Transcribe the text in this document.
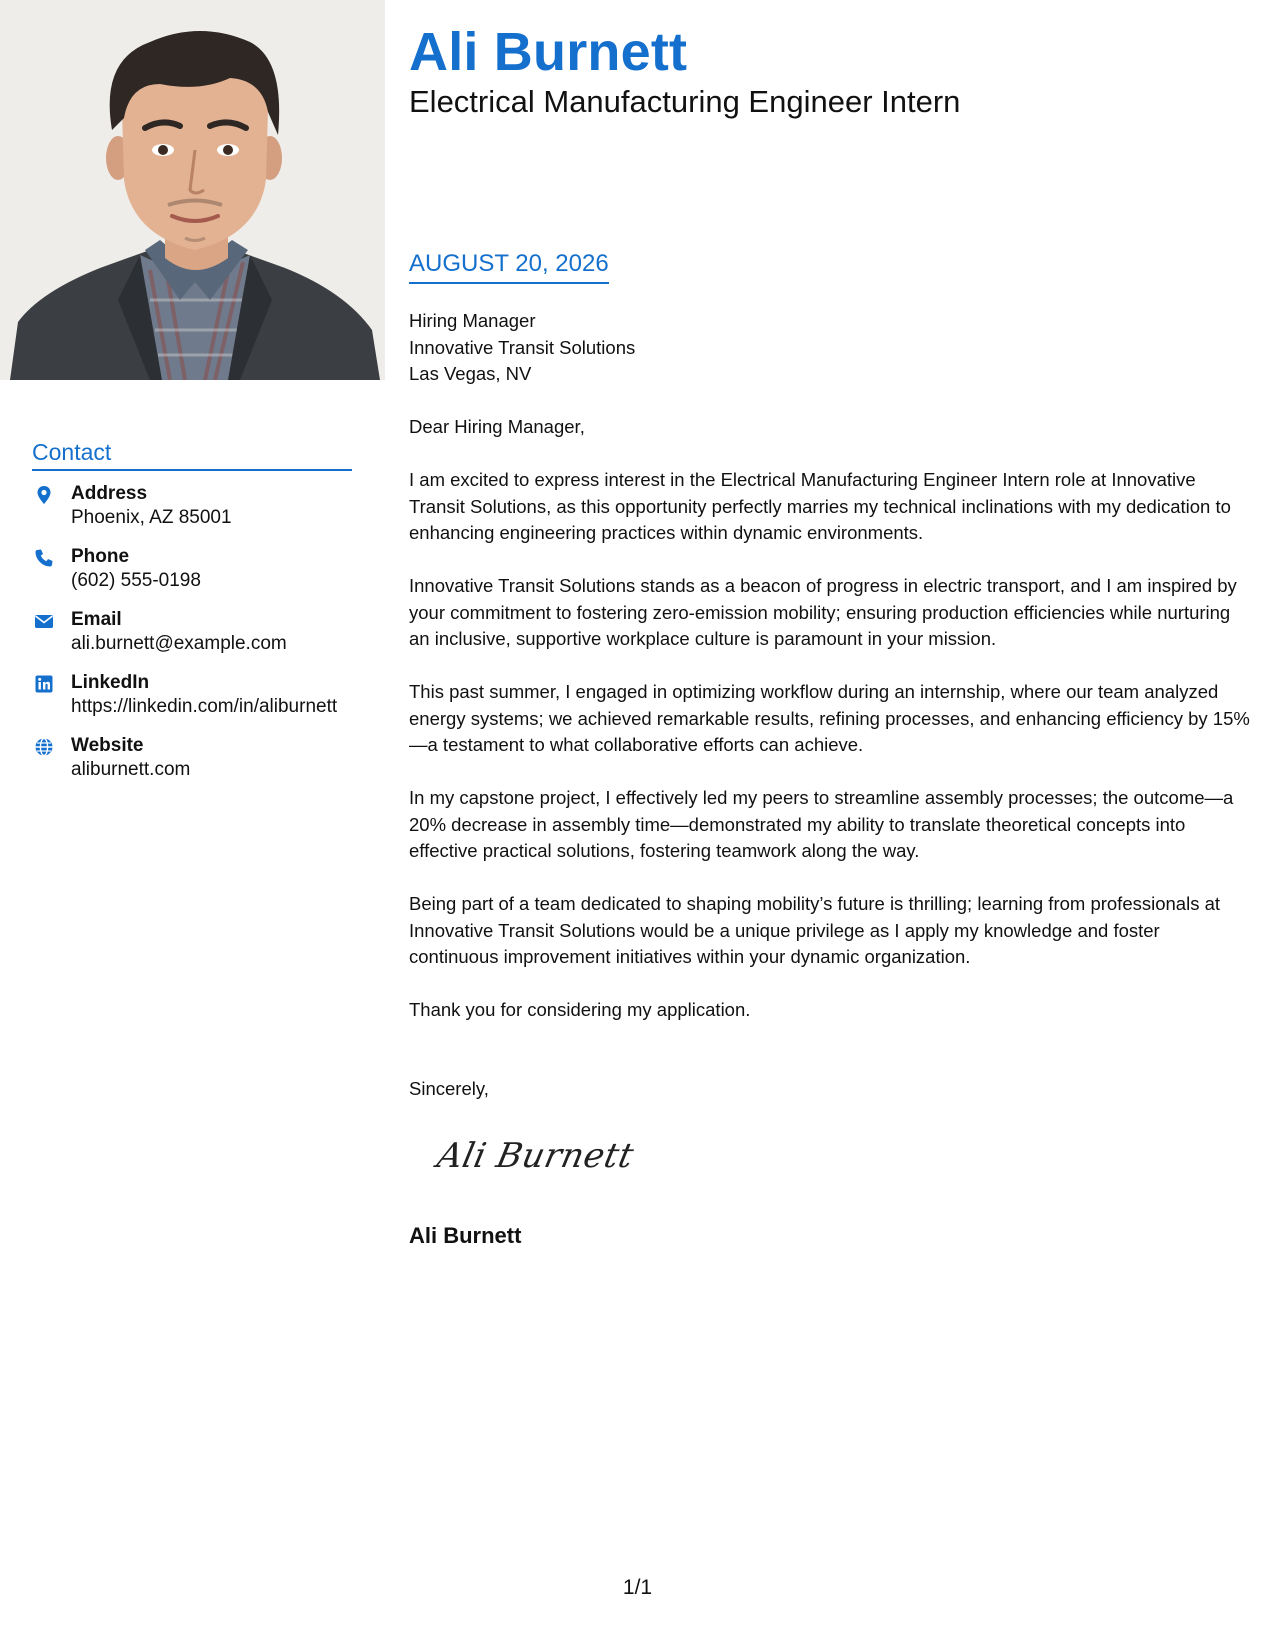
Ali Burnett
Electrical Manufacturing Engineer Intern
Contact
Address
Phoenix, AZ 85001
Phone
(602) 555-0198
Email
ali.burnett@example.com
LinkedIn
https://linkedin.com/in/aliburnett
Website
aliburnett.com
AUGUST 20, 2026
Hiring Manager
Innovative Transit Solutions
Las Vegas, NV

Dear Hiring Manager,

I am excited to express interest in the Electrical Manufacturing Engineer Intern role at Innovative Transit Solutions, as this opportunity perfectly marries my technical inclinations with my dedication to enhancing engineering practices within dynamic environments.

Innovative Transit Solutions stands as a beacon of progress in electric transport, and I am inspired by your commitment to fostering zero-emission mobility; ensuring production efficiencies while nurturing an inclusive, supportive workplace culture is paramount in your mission.

This past summer, I engaged in optimizing workflow during an internship, where our team analyzed energy systems; we achieved remarkable results, refining processes, and enhancing efficiency by 15%—a testament to what collaborative efforts can achieve.

In my capstone project, I effectively led my peers to streamline assembly processes; the outcome—a 20% decrease in assembly time—demonstrated my ability to translate theoretical concepts into effective practical solutions, fostering teamwork along the way.

Being part of a team dedicated to shaping mobility’s future is thrilling; learning from professionals at Innovative Transit Solutions would be a unique privilege as I apply my knowledge and foster continuous improvement initiatives within your dynamic organization.

Thank you for considering my application.

Sincerely,
Ali Burnett
Ali Burnett
1/1
